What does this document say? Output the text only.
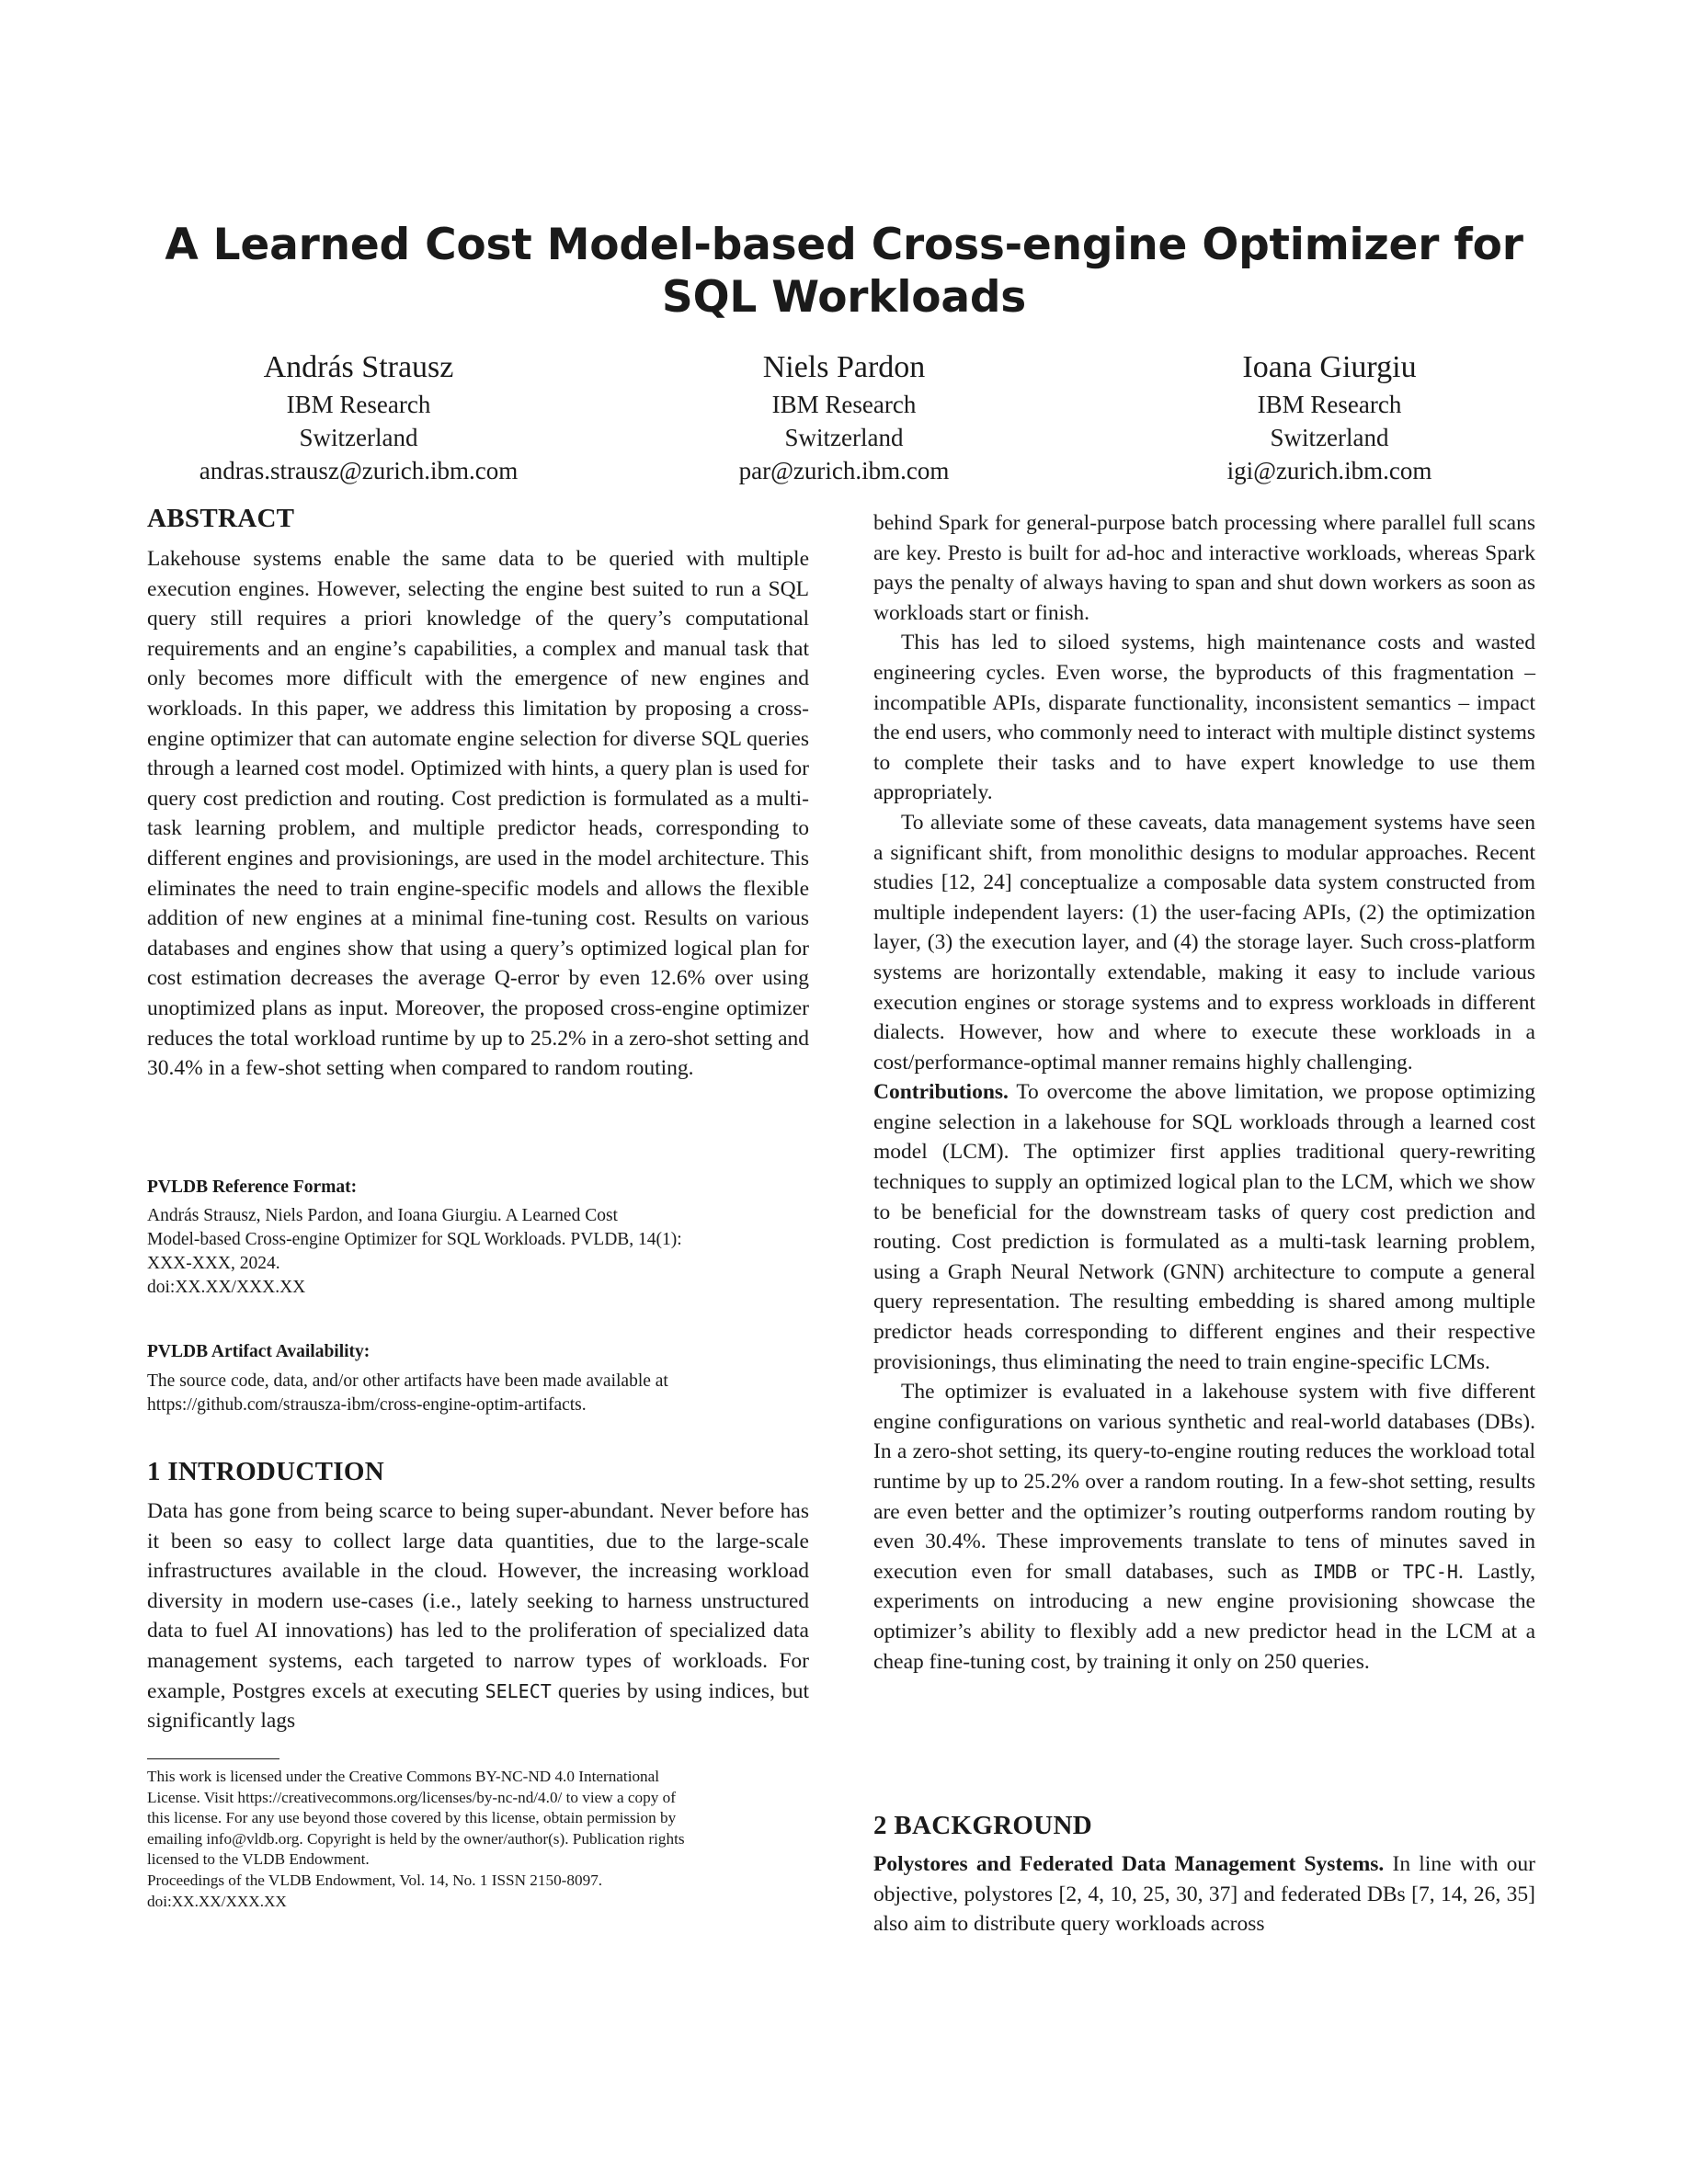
A Learned Cost Model-based Cross-engine Optimizer for SQL Workloads
András Strausz
IBM Research
Switzerland
andras.strausz@zurich.ibm.com
Niels Pardon
IBM Research
Switzerland
par@zurich.ibm.com
Ioana Giurgiu
IBM Research
Switzerland
igi@zurich.ibm.com
ABSTRACT

Lakehouse systems enable the same data to be queried with multiple execution engines. However, selecting the engine best suited to run a SQL query still requires a priori knowledge of the query’s computational requirements and an engine’s capabilities, a complex and manual task that only becomes more difficult with the emergence of new engines and workloads. In this paper, we address this limitation by proposing a cross-engine optimizer that can automate engine selection for diverse SQL queries through a learned cost model. Optimized with hints, a query plan is used for query cost prediction and routing. Cost prediction is formulated as a multi-task learning problem, and multiple predictor heads, corresponding to different engines and provisionings, are used in the model architecture. This eliminates the need to train engine-specific models and allows the flexible addition of new engines at a minimal fine-tuning cost. Results on various databases and engines show that using a query’s optimized logical plan for cost estimation decreases the average Q-error by even 12.6% over using unoptimized plans as input. Moreover, the proposed cross-engine optimizer reduces the total workload runtime by up to 25.2% in a zero-shot setting and 30.4% in a few-shot setting when compared to random routing.

PVLDB Reference Format:
András Strausz, Niels Pardon, and Ioana Giurgiu. A Learned Cost
Model-based Cross-engine Optimizer for SQL Workloads. PVLDB, 14(1):
XXX-XXX, 2024.
doi:XX.XX/XXX.XX
PVLDB Artifact Availability:
The source code, data, and/or other artifacts have been made available at
https://github.com/strausza-ibm/cross-engine-optim-artifacts.
1 INTRODUCTION

Data has gone from being scarce to being super-abundant. Never before has it been so easy to collect large data quantities, due to the large-scale infrastructures available in the cloud. However, the increasing workload diversity in modern use-cases (i.e., lately seeking to harness unstructured data to fuel AI innovations) has led to the proliferation of specialized data management systems, each targeted to narrow types of workloads. For example, Postgres excels at executing SELECT queries by using indices, but significantly lags

This work is licensed under the Creative Commons BY-NC-ND 4.0 International

License. Visit https://creativecommons.org/licenses/by-nc-nd/4.0/ to view a copy of

this license. For any use beyond those covered by this license, obtain permission by

emailing info@vldb.org. Copyright is held by the owner/author(s). Publication rights

licensed to the VLDB Endowment.

Proceedings of the VLDB Endowment, Vol. 14, No. 1 ISSN 2150-8097.

doi:XX.XX/XXX.XX

behind Spark for general-purpose batch processing where parallel full scans are key. Presto is built for ad-hoc and interactive workloads, whereas Spark pays the penalty of always having to span and shut down workers as soon as workloads start or finish.

This has led to siloed systems, high maintenance costs and wasted engineering cycles. Even worse, the byproducts of this fragmentation – incompatible APIs, disparate functionality, inconsistent semantics – impact the end users, who commonly need to interact with multiple distinct systems to complete their tasks and to have expert knowledge to use them appropriately.

To alleviate some of these caveats, data management systems have seen a significant shift, from monolithic designs to modular approaches. Recent studies [12, 24] conceptualize a composable data system constructed from multiple independent layers: (1) the user-facing APIs, (2) the optimization layer, (3) the execution layer, and (4) the storage layer. Such cross-platform systems are horizontally extendable, making it easy to include various execution engines or storage systems and to express workloads in different dialects. However, how and where to execute these workloads in a cost/performance-optimal manner remains highly challenging.

Contributions. To overcome the above limitation, we propose optimizing engine selection in a lakehouse for SQL workloads through a learned cost model (LCM). The optimizer first applies traditional query-rewriting techniques to supply an optimized logical plan to the LCM, which we show to be beneficial for the downstream tasks of query cost prediction and routing. Cost prediction is formulated as a multi-task learning problem, using a Graph Neural Network (GNN) architecture to compute a general query representation. The resulting embedding is shared among multiple predictor heads corresponding to different engines and their respective provisionings, thus eliminating the need to train engine-specific LCMs.

The optimizer is evaluated in a lakehouse system with five different engine configurations on various synthetic and real-world databases (DBs). In a zero-shot setting, its query-to-engine routing reduces the workload total runtime by up to 25.2% over a random routing. In a few-shot setting, results are even better and the optimizer’s routing outperforms random routing by even 30.4%. These improvements translate to tens of minutes saved in execution even for small databases, such as IMDB or TPC-H. Lastly, experiments on introducing a new engine provisioning showcase the optimizer’s ability to flexibly add a new predictor head in the LCM at a cheap fine-tuning cost, by training it only on 250 queries.

2 BACKGROUND

Polystores and Federated Data Management Systems. In line with our objective, polystores [2, 4, 10, 25, 30, 37] and federated DBs [7, 14, 26, 35] also aim to distribute query workloads across
